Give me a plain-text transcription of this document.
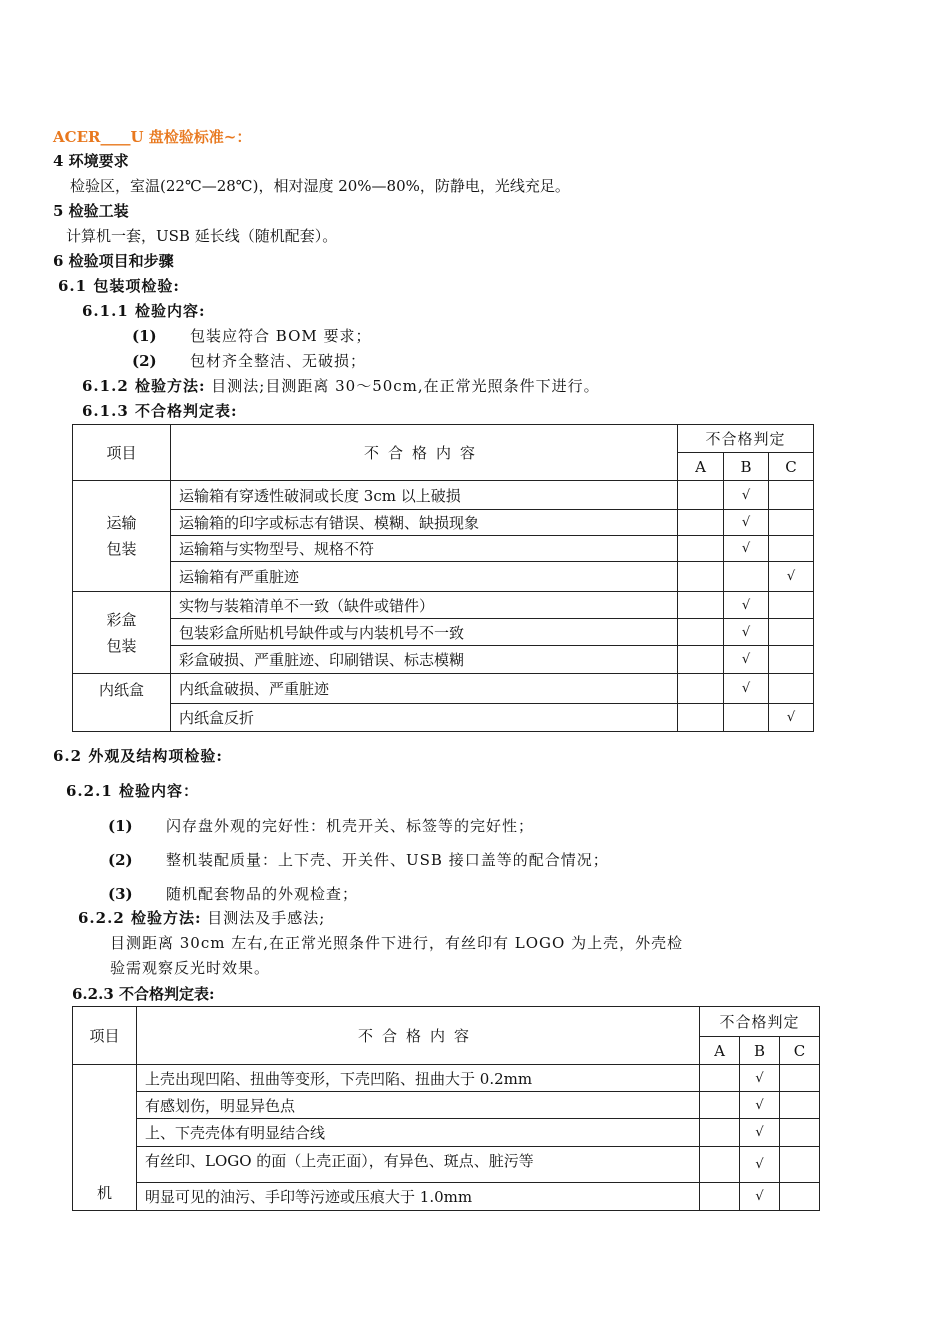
ACER____U 盘检验标准~：
4 环境要求
检验区，室温(22℃—28℃)，相对湿度 20%—80%，防静电，光线充足。
5 检验工装
计算机一套，USB 延长线（随机配套）。
6 检验项目和步骤
6.1 包装项检验:
6.1.1 检验内容:
(1) 包装应符合 BOM 要求；
(2) 包材齐全整洁、无破损；
6.1.2 检验方法: 目测法;目测距离 30～50cm,在正常光照条件下进行。
6.1.3 不合格判定表:
项目	不合格内容	不合格判定		
		A	B	C

运输
包装	运输箱有穿透性破洞或长度 3cm 以上破损		√	
	运输箱的印字或标志有错误、模糊、缺损现象		√	
	运输箱与实物型号、规格不符		√	
	运输箱有严重脏迹			√

彩盒
包装	实物与装箱清单不一致（缺件或错件）		√	
	包装彩盒所贴机号缺件或与内装机号不一致		√	
	彩盒破损、严重脏迹、印刷错误、标志模糊		√	

内纸盒	内纸盒破损、严重脏迹		√	
	内纸盒反折			√
6.2 外观及结构项检验:
6.2.1 检验内容：
(1) 闪存盘外观的完好性：机壳开关、标签等的完好性；
(2) 整机装配质量：上下壳、开关件、USB 接口盖等的配合情况；
(3) 随机配套物品的外观检查；
6.2.2 检验方法: 目测法及手感法;
目测距离 30cm 左右,在正常光照条件下进行，有丝印有 LOGO 为上壳，外壳检
验需观察反光时效果。
6.2.3 不合格判定表:
项目	不合格内容	不合格判定		
		A	B	C

机	上壳出现凹陷、扭曲等变形，下壳凹陷、扭曲大于 0.2mm		√	
	有感划伤，明显异色点		√	
	上、下壳壳体有明显结合线		√	
	有丝印、LOGO 的面（上壳正面），有异色、斑点、脏污等		√	
	明显可见的油污、手印等污迹或压痕大于 1.0mm		√	
